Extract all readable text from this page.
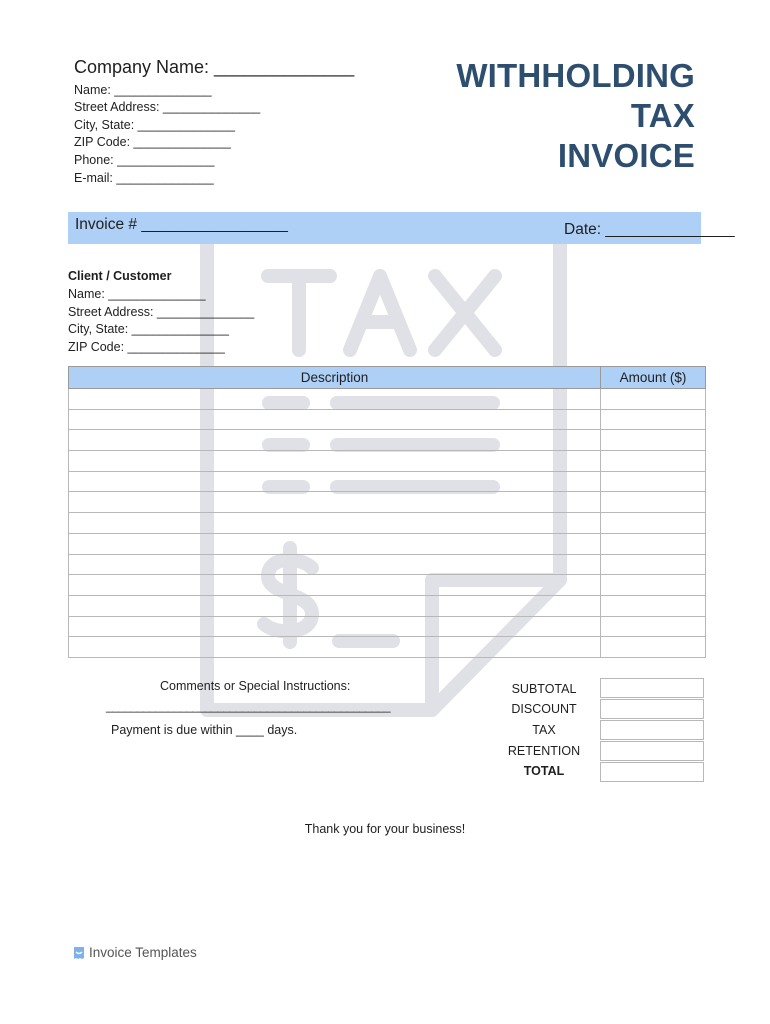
Company Name: ______________
Name: ______________
Street Address: ______________
City, State: ______________
ZIP Code: ______________
Phone: ______________
E-mail: ______________
WITHHOLDING
TAX
INVOICE
Invoice # _________________	Date: _______________
Client / Customer
Name: ______________
Street Address: ______________
City, State: ______________
ZIP Code: ______________
Description	Amount ($)

Comments or Special Instructions:
______________________________________________
Payment is due within ____ days.
SUBTOTAL
DISCOUNT
TAX
RETENTION
TOTAL
Thank you for your business!
Invoice Templates
